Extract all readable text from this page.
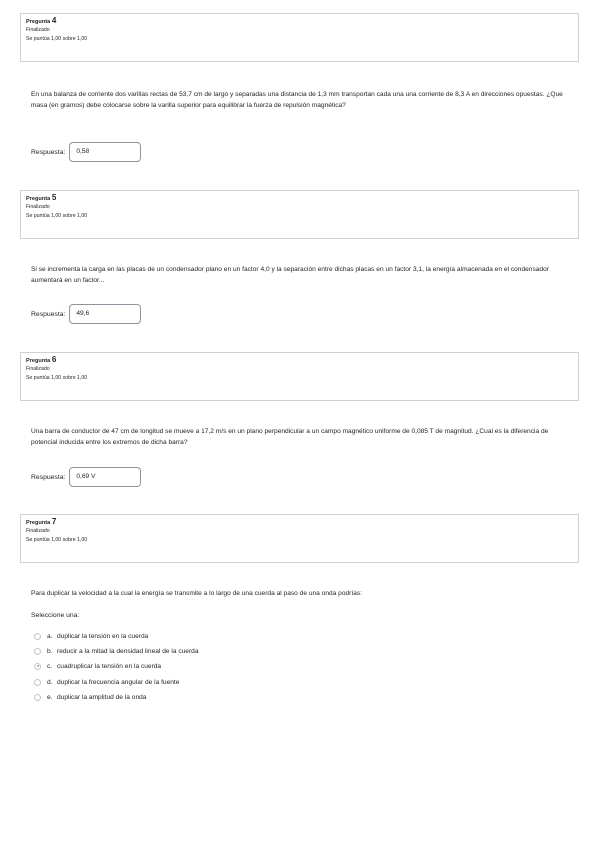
Pregunta 4
Finalizado
Se puntúa 1,00 sobre 1,00
En una balanza de corriente dos varillas rectas de 53,7 cm de largo y separadas una distancia de 1,3 mm transportan cada una una corriente de 8,3 A en direcciones opuestas. ¿Que masa (en gramos) debe colocarse sobre la varilla superior para equilibrar la fuerza de repulsión magnética?
Respuesta:	0,58
Pregunta 5
Finalizado
Se puntúa 1,00 sobre 1,00
Si se incrementa la carga en las placas de un condensador plano en un factor 4,0 y la separación entre dichas placas en un factor 3,1, la energía almacenada en el condensador aumentará en un factor...
Respuesta:	49,6
Pregunta 6
Finalizado
Se puntúa 1,00 sobre 1,00
Una barra de conductor de 47 cm de longitud se mueve a 17,2 m/s en un plano perpendicular a un campo magnético uniforme de 0,085 T de magnitud. ¿Cual es la diferencia de potencial inducida entre los extremos de dicha barra?
Respuesta:	0,69 V
Pregunta 7
Finalizado
Se puntúa 1,00 sobre 1,00
Para duplicar la velocidad a la cual la energía se transmite a lo largo de una cuerda al paso de una onda podrías:
Seleccione una:
a. duplicar la tensión en la cuerda
b. reducir a la mitad la densidad lineal de la cuerda
c. cuadruplicar la tensión en la cuerda
d. duplicar la frecuencia angular de la fuente
e. duplicar la amplitud de la onda
